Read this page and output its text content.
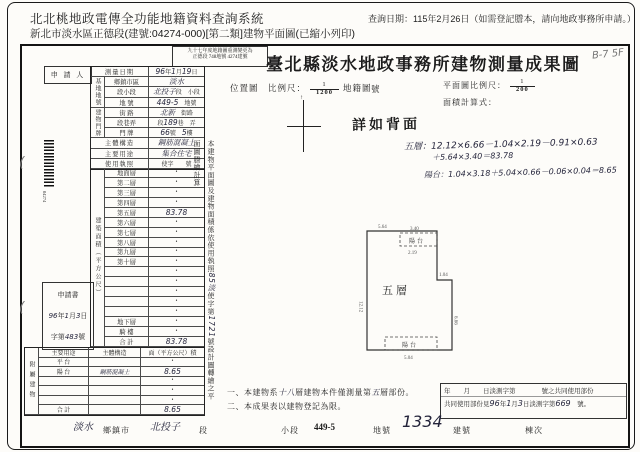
北北桃地政電傳全功能地籍資料查詢系統	查詢日期：115年2月26日（如需登記謄本，請向地政事務所申請。）
新北市淡水區正德段(建號:04274-000)[第二類]建物平面圖(已縮小列印)
九十七年度地籍圖重測變更為
正德段 748地號 4274建號	臺北縣淡水地政事務所建物測量成果圖
B-7 5F
申 請 人
04274
(
(
申請書
96年1月3日
字第483號
測量日期	96 年 1 月 19 日
基地地號	鄉鎮市區	淡水
段小段	北投子 段
　 小段
地 號	449-5
　 地號
建物門牌	街 路	北新
　 街路
段巷弄	段 189 巷　弄
門 牌	66 號
　 5 樓
主體構造	鋼筋混凝土
主要用途	集合住宅
使用執照	使字　　號
建築面積（平方公尺）
地面層	•
第二層	•
第三層	•
第四層	•
第五層	83.78
第六層	•
第七層	•
第八層	•
第九層	•
第十層	•
•
•
•
•
•
地下層	•
騎 樓	•
合 計	83.78
附屬建物
主要用途	主體構造	面（平方公尺）積
平 台	•
陽 台	鋼筋混凝土	8.65
•
•
•
合 計	8.65
本建物平面圖及建物面積係依使用執照85淡使字第1721號設計圖轉繪之平面圖謄繪計算
位置圖　 比例尺： $\frac{1}{1200}$ 地籍圖 號
↑
詳如背面
平面圖比例尺： $\frac{1}{200}$
面積計算式：
五層：12.12×6.66－1.04×2.19－0.91×0.63
＋5.64×3.40＝83.78
陽台：1.04×3.18＋5.04×0.66－0.06×0.04＝8.65
五層
陽台
陽台
5.64	3.40
2.19
1.04
6.66
12.12
5.04
一、本建物系十八層建物本件僅測量第五層部份。
二、本成果表以建物登記為限。
年　　月　　日淡測字第　　　　號之共同使用部份
共同使用部份見96年1月3日淡測字第669　 號。
淡水 鄉鎮市 北投子 段	小段 449-5	地號 1334 建號	棟次
